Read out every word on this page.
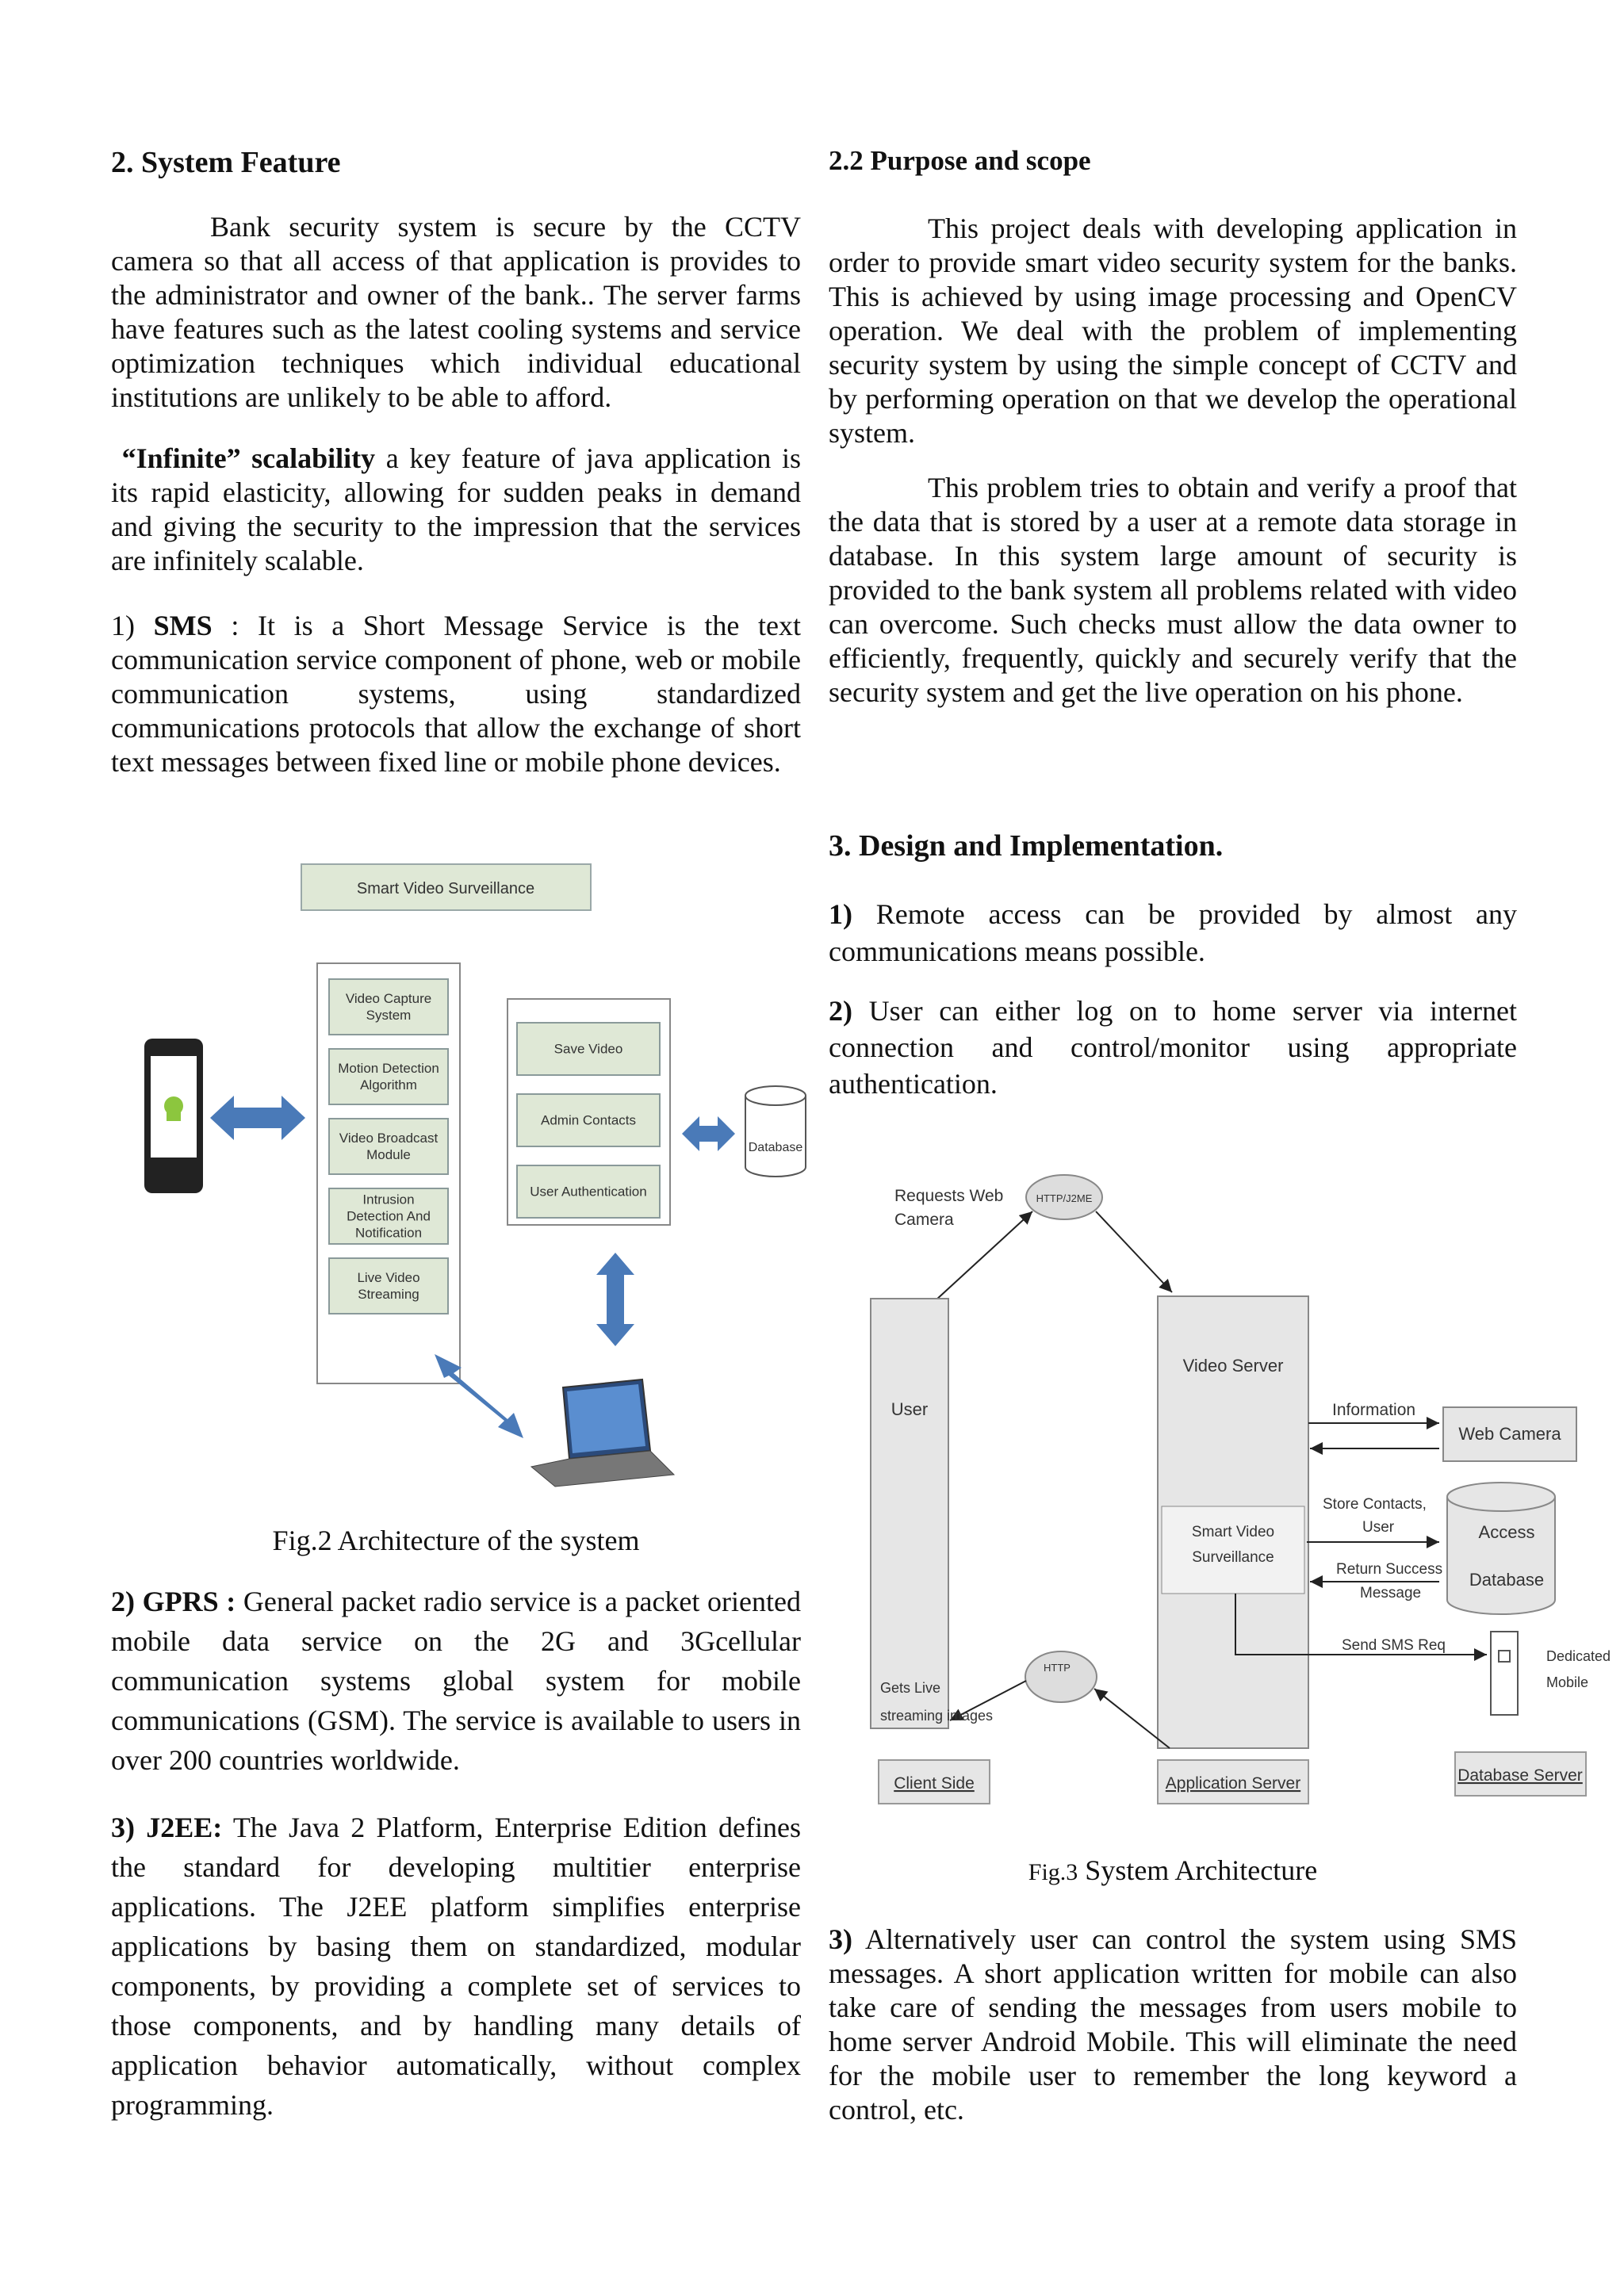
2. System Feature

Bank security system is secure by the CCTV camera so that all access of that application is provides to the administrator and owner of the bank.. The server farms have features such as the latest cooling systems and service optimization techniques which individual educational institutions are unlikely to be able to afford.

“Infinite” scalability a key feature of java application is its rapid elasticity, allowing for sudden peaks in demand and giving the security to the impression that the services are infinitely scalable.

1) SMS : It is a Short Message Service is the text communication service component of phone, web or mobile communication systems, using standardized communications protocols that allow the exchange of short text messages between fixed line or mobile phone devices.

Smart Video Surveillance
Video Capture
System
Motion Detection
Algorithm
Video Broadcast
Module
Intrusion
Detection And
Notification
Live Video
Streaming
Save Video
Admin Contacts
User Authentication
Database
Fig.2 Architecture of the system

2) GPRS : General packet radio service is a packet oriented mobile data service on the 2G and 3Gcellular communication systems global system for mobile communications (GSM). The service is available to users in over 200 countries worldwide.

3) J2EE: The Java 2 Platform, Enterprise Edition defines the standard for developing multitier enterprise applications. The J2EE platform simplifies enterprise applications by basing them on standardized, modular components, by providing a complete set of services to those components, and by handling many details of application behavior automatically, without complex programming.

2.2 Purpose and scope

This project deals with developing application in order to provide smart video security system for the banks. This is achieved by using image processing and OpenCV operation. We deal with the problem of implementing security system by using the simple concept of CCTV and by performing operation on that we develop the operational system.

This problem tries to obtain and verify a proof that the data that is stored by a user at a remote data storage in database. In this system large amount of security is provided to the bank system all problems related with video can overcome. Such checks must allow the data owner to efficiently, frequently, quickly and securely verify that the security system and get the live operation on his phone.

3. Design and Implementation.

1) Remote access can be provided by almost any communications means possible.

2) User can either log on to home server via internet connection and control/monitor using appropriate authentication.

Requests Web
Camera
HTTP/J2ME
User
Video Server
Smart Video
Surveillance
Information
Web Camera
Store Contacts,
User
Return Success
Message
Access
Database
Send SMS Req
Dedicated
Mobile
HTTP
Gets Live
streaming images
Client Side	Application Server	Database Server
Fig.3 System Architecture

3) Alternatively user can control the system using SMS messages. A short application written for mobile can also take care of sending the messages from users mobile to home server Android Mobile. This will eliminate the need for the mobile user to remember the long keyword a control, etc.
